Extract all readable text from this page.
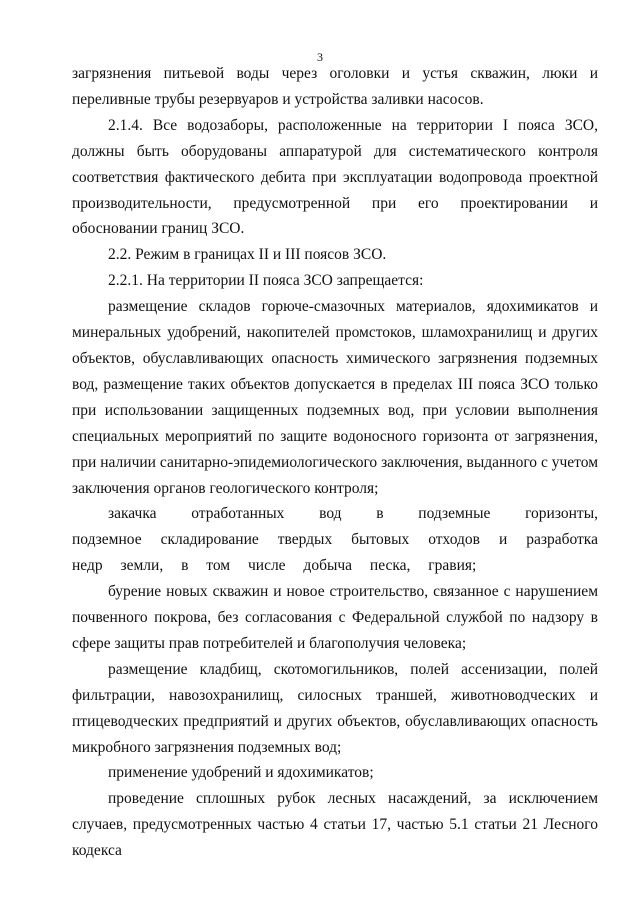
3

загрязнения питьевой воды через оголовки и устья скважин, люки и переливные трубы резервуаров и устройства заливки насосов.

2.1.4. Все водозаборы, расположенные на территории I пояса ЗСО, должны быть оборудованы аппаратурой для систематического контроля соответствия фактического дебита при эксплуатации водопровода проектной производительности, предусмотренной при его проектировании и обосновании границ ЗСО.

2.2. Режим в границах II и III поясов ЗСО.

2.2.1. На территории II пояса ЗСО запрещается:

размещение складов горюче-смазочных материалов, ядохимикатов и минеральных удобрений, накопителей промстоков, шламохранилищ и других объектов, обуславливающих опасность химического загрязнения подземных вод, размещение таких объектов допускается в пределах III пояса ЗСО только при использовании защищенных подземных вод, при условии выполнения специальных мероприятий по защите водоносного горизонта от загрязнения, при наличии санитарно-эпидемиологического заключения, выданного с учетом заключения органов геологического контроля;

закачка отработанных вод в подземные горизонты, подземное складирование твердых бытовых отходов и разработка недр земли, в том числе добыча песка, гравия;

бурение новых скважин и новое строительство, связанное с нарушением почвенного покрова, без согласования с Федеральной службой по надзору в сфере защиты прав потребителей и благополучия человека;

размещение кладбищ, скотомогильников, полей ассенизации, полей фильтрации, навозохранилищ, силосных траншей, животноводческих и птицеводческих предприятий и других объектов, обуславливающих опасность микробного загрязнения подземных вод;

применение удобрений и ядохимикатов;

проведение сплошных рубок лесных насаждений, за исключением случаев, предусмотренных частью 4 статьи 17, частью 5.1 статьи 21 Лесного кодекса
